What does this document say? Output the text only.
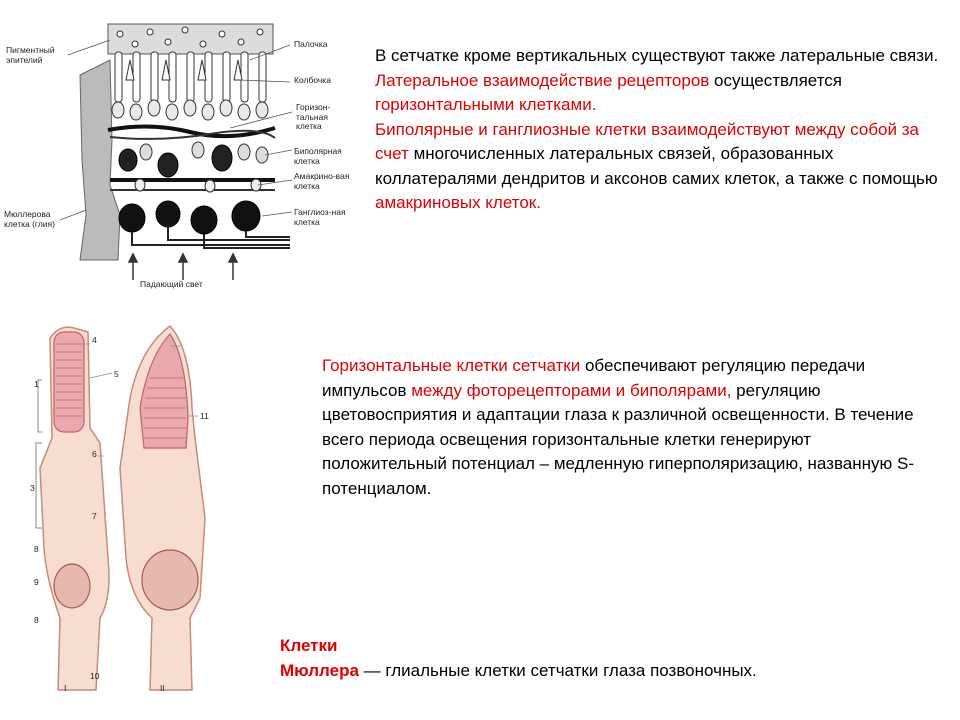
В сетчатке кроме вертикальных существуют также латеральные связи. Латеральное взаимодействие рецепторов осуществляется горизонтальными клетками.
Биполярные и ганглиозные клетки взаимодействуют между собой за счет многочисленных латеральных связей, образованных коллатералями дендритов и аксонов самих клеток, а также с помощью амакриновых клеток.
Горизонтальные клетки сетчатки обеспечивают регуляцию передачи импульсов между фоторецепторами и биполярами, регуляцию цветовосприятия и адаптации глаза к различной освещенности. В течение всего периода освещения горизонтальные клетки генерируют положительный потенциал – медленную гиперполяризацию, названную S-потенциалом.
Клетки
Мюллера — глиальные клетки сетчатки глаза позвоночных.
Пигментный эпителий
Палочка
Колбочка
Горизон-тальная клетка
Биполярная клетка
Амакрино-вая клетка
Мюллерова клетка (глия)
Ганглиоз-ная клетка
Падающий свет
4
5
1
6
11
3
7
8
9
8
10
I	II
